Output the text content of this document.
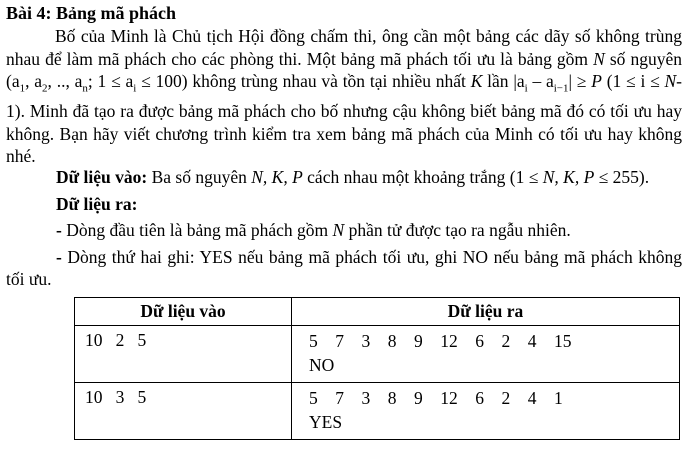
Bài 4: Bảng mã phách
Bố của Minh là Chủ tịch Hội đồng chấm thi, ông cần một bảng các dãy số không trùng nhau để làm mã phách cho các phòng thi. Một bảng mã phách tối ưu là bảng gồm N số nguyên ($a_1$, $a_2$, .., $a_n$; $1 \le a_i \le 100$) không trùng nhau và tồn tại nhiều nhất K lần $|a_i - a_{i-1}| \ge P$ (1 ≤ i ≤ N-1). Minh đã tạo ra được bảng mã phách cho bố nhưng cậu không biết bảng mã đó có tối ưu hay không. Bạn hãy viết chương trình kiểm tra xem bảng mã phách của Minh có tối ưu hay không nhé.
Dữ liệu vào: Ba số nguyên N, K, P cách nhau một khoảng trắng (1 ≤ N, K, P ≤ 255).
Dữ liệu ra:
- Dòng đầu tiên là bảng mã phách gồm N phần tử được tạo ra ngẫu nhiên.
- Dòng thứ hai ghi: YES nếu bảng mã phách tối ưu, ghi NO nếu bảng mã phách không tối ưu.
Dữ liệu vào	Dữ liệu ra
10   2   5	5    7    3    8    9    12    6    2    4    15
NO

10   3   5	5    7    3    8    9    12    6    2    4    1
YES
